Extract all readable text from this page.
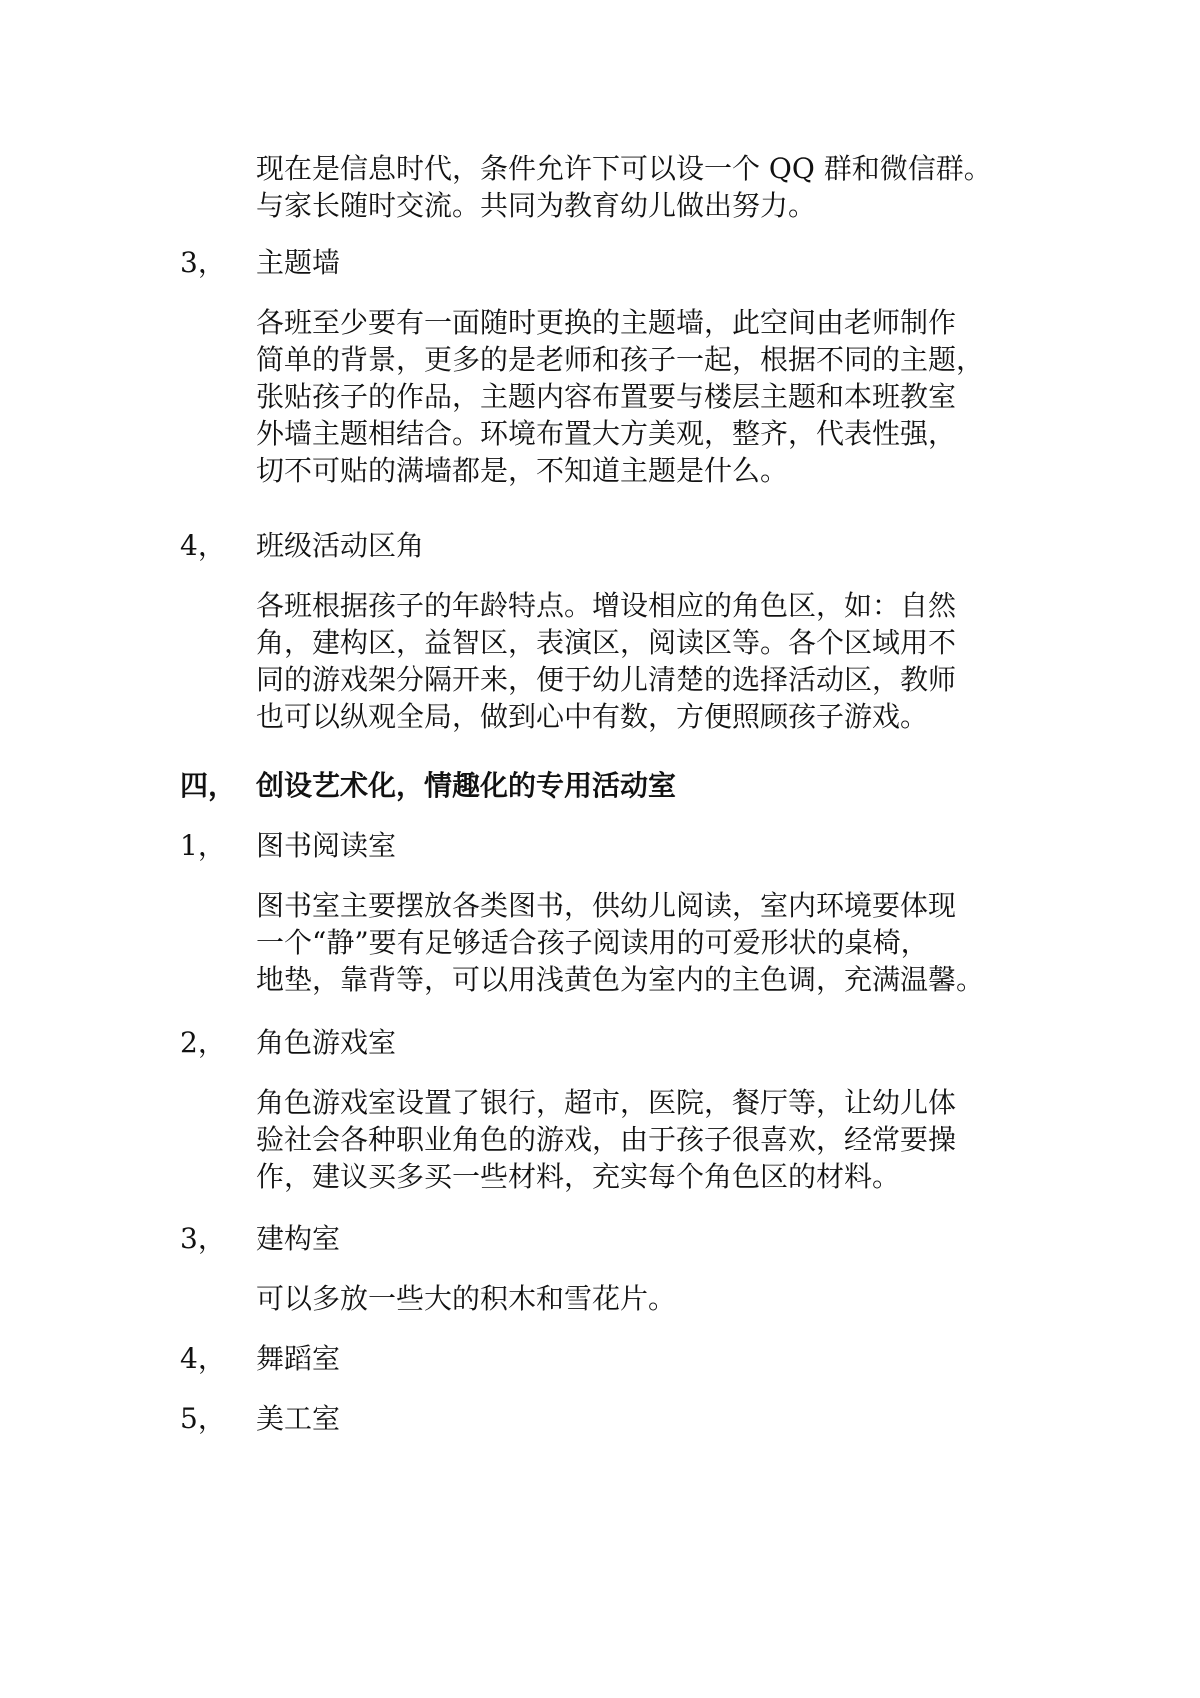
现在是信息时代，条件允许下可以设一个 QQ 群和微信群。
与家长随时交流。共同为教育幼儿做出努力。
3， 主题墙
各班至少要有一面随时更换的主题墙，此空间由老师制作
简单的背景，更多的是老师和孩子一起，根据不同的主题，
张贴孩子的作品，主题内容布置要与楼层主题和本班教室
外墙主题相结合。环境布置大方美观，整齐，代表性强，
切不可贴的满墙都是，不知道主题是什么。
4， 班级活动区角
各班根据孩子的年龄特点。增设相应的角色区，如：自然
角，建构区，益智区，表演区，阅读区等。各个区域用不
同的游戏架分隔开来，便于幼儿清楚的选择活动区，教师
也可以纵观全局，做到心中有数，方便照顾孩子游戏。
四， 创设艺术化，情趣化的专用活动室
1， 图书阅读室
图书室主要摆放各类图书，供幼儿阅读，室内环境要体现
一个“静”要有足够适合孩子阅读用的可爱形状的桌椅，
地垫，靠背等，可以用浅黄色为室内的主色调，充满温馨。
2， 角色游戏室
角色游戏室设置了银行，超市，医院，餐厅等，让幼儿体
验社会各种职业角色的游戏，由于孩子很喜欢，经常要操
作，建议买多买一些材料，充实每个角色区的材料。
3， 建构室
可以多放一些大的积木和雪花片。
4， 舞蹈室
5， 美工室
